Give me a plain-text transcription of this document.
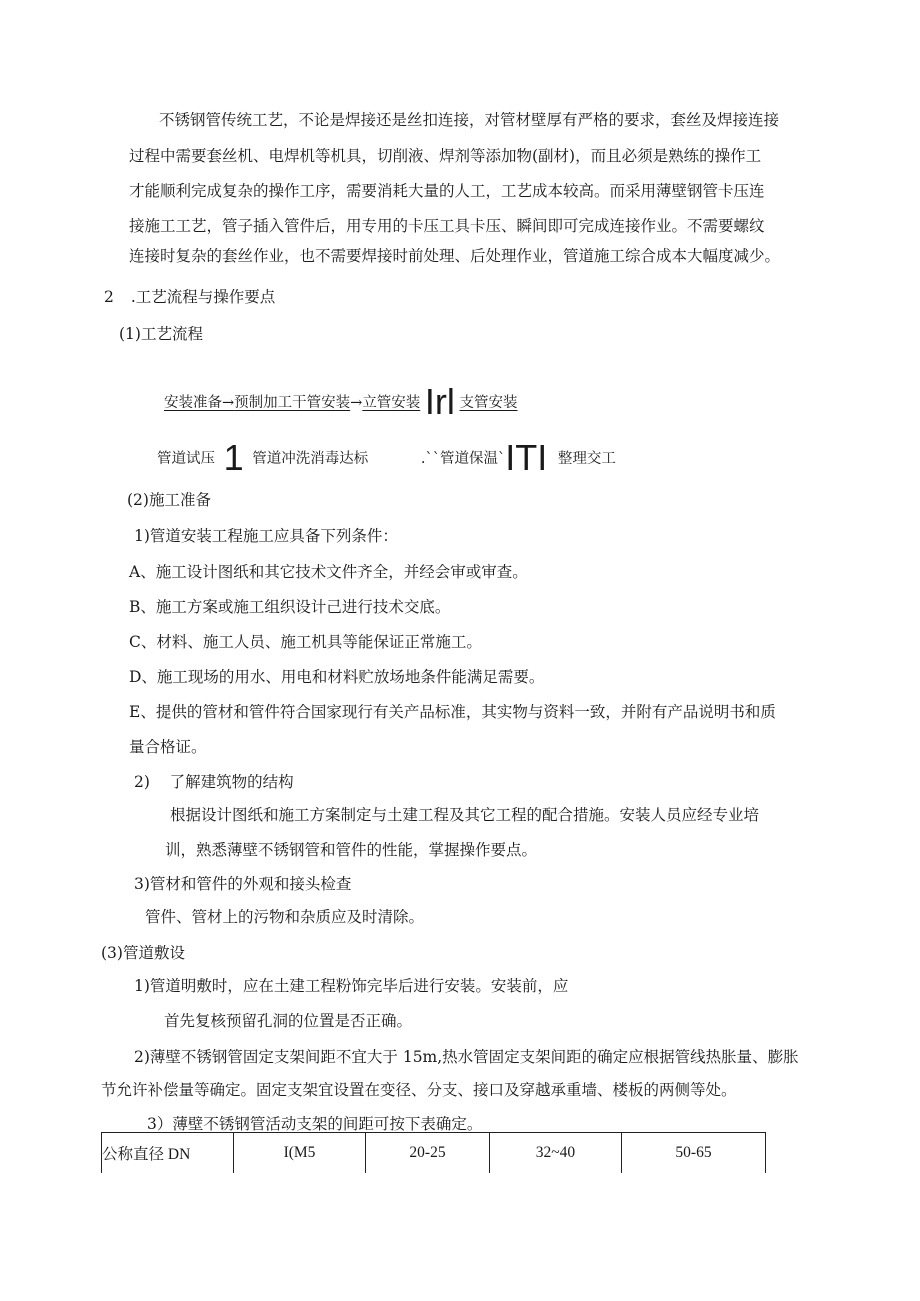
不锈钢管传统工艺，不论是焊接还是丝扣连接，对管材壁厚有严格的要求，套丝及焊接连接
过程中需要套丝机、电焊机等机具，切削液、焊剂等添加物(副材)，而且必须是熟练的操作工
才能顺利完成复杂的操作工序，需要消耗大量的人工，工艺成本较高。而采用薄壁钢管卡压连
接施工工艺，管子插入管件后，用专用的卡压工具卡压、瞬间即可完成连接作业。不需要螺纹
连接时复杂的套丝作业，也不需要焊接时前处理、后处理作业，管道施工综合成本大幅度减少。
2 .工艺流程与操作要点
(1)工艺流程
安装准备→预制加工干管安装→立管安装 Irl 支管安装
管道试压 1 管道冲洗消毒达标	.``管道保温`ITI 整理交工
(2)施工准备
1)管道安装工程施工应具备下列条件：
A、施工设计图纸和其它技术文件齐全，并经会审或审查。
B、施工方案或施工组织设计己进行技术交底。
C、材料、施工人员、施工机具等能保证正常施工。
D、施工现场的用水、用电和材料贮放场地条件能满足需要。
E、提供的管材和管件符合国家现行有关产品标准，其实物与资料一致，并附有产品说明书和质
量合格证。
2)    了解建筑物的结构
根据设计图纸和施工方案制定与土建工程及其它工程的配合措施。安装人员应经专业培
训，熟悉薄壁不锈钢管和管件的性能，掌握操作要点。
3)管材和管件的外观和接头检查
管件、管材上的污物和杂质应及时清除。
(3)管道敷设
1)管道明敷时，应在土建工程粉饰完毕后进行安装。安装前，应
首先复核预留孔洞的位置是否正确。
2)薄壁不锈钢管固定支架间距不宜大于 15m,热水管固定支架间距的确定应根据管线热胀量、膨胀
节允许补偿量等确定。固定支架宜设置在变径、分支、接口及穿越承重墙、楼板的两侧等处。
3）薄壁不锈钢管活动支架的间距可按下表确定。
公称直径 DN	I(M5	20-25	32~40	50-65
